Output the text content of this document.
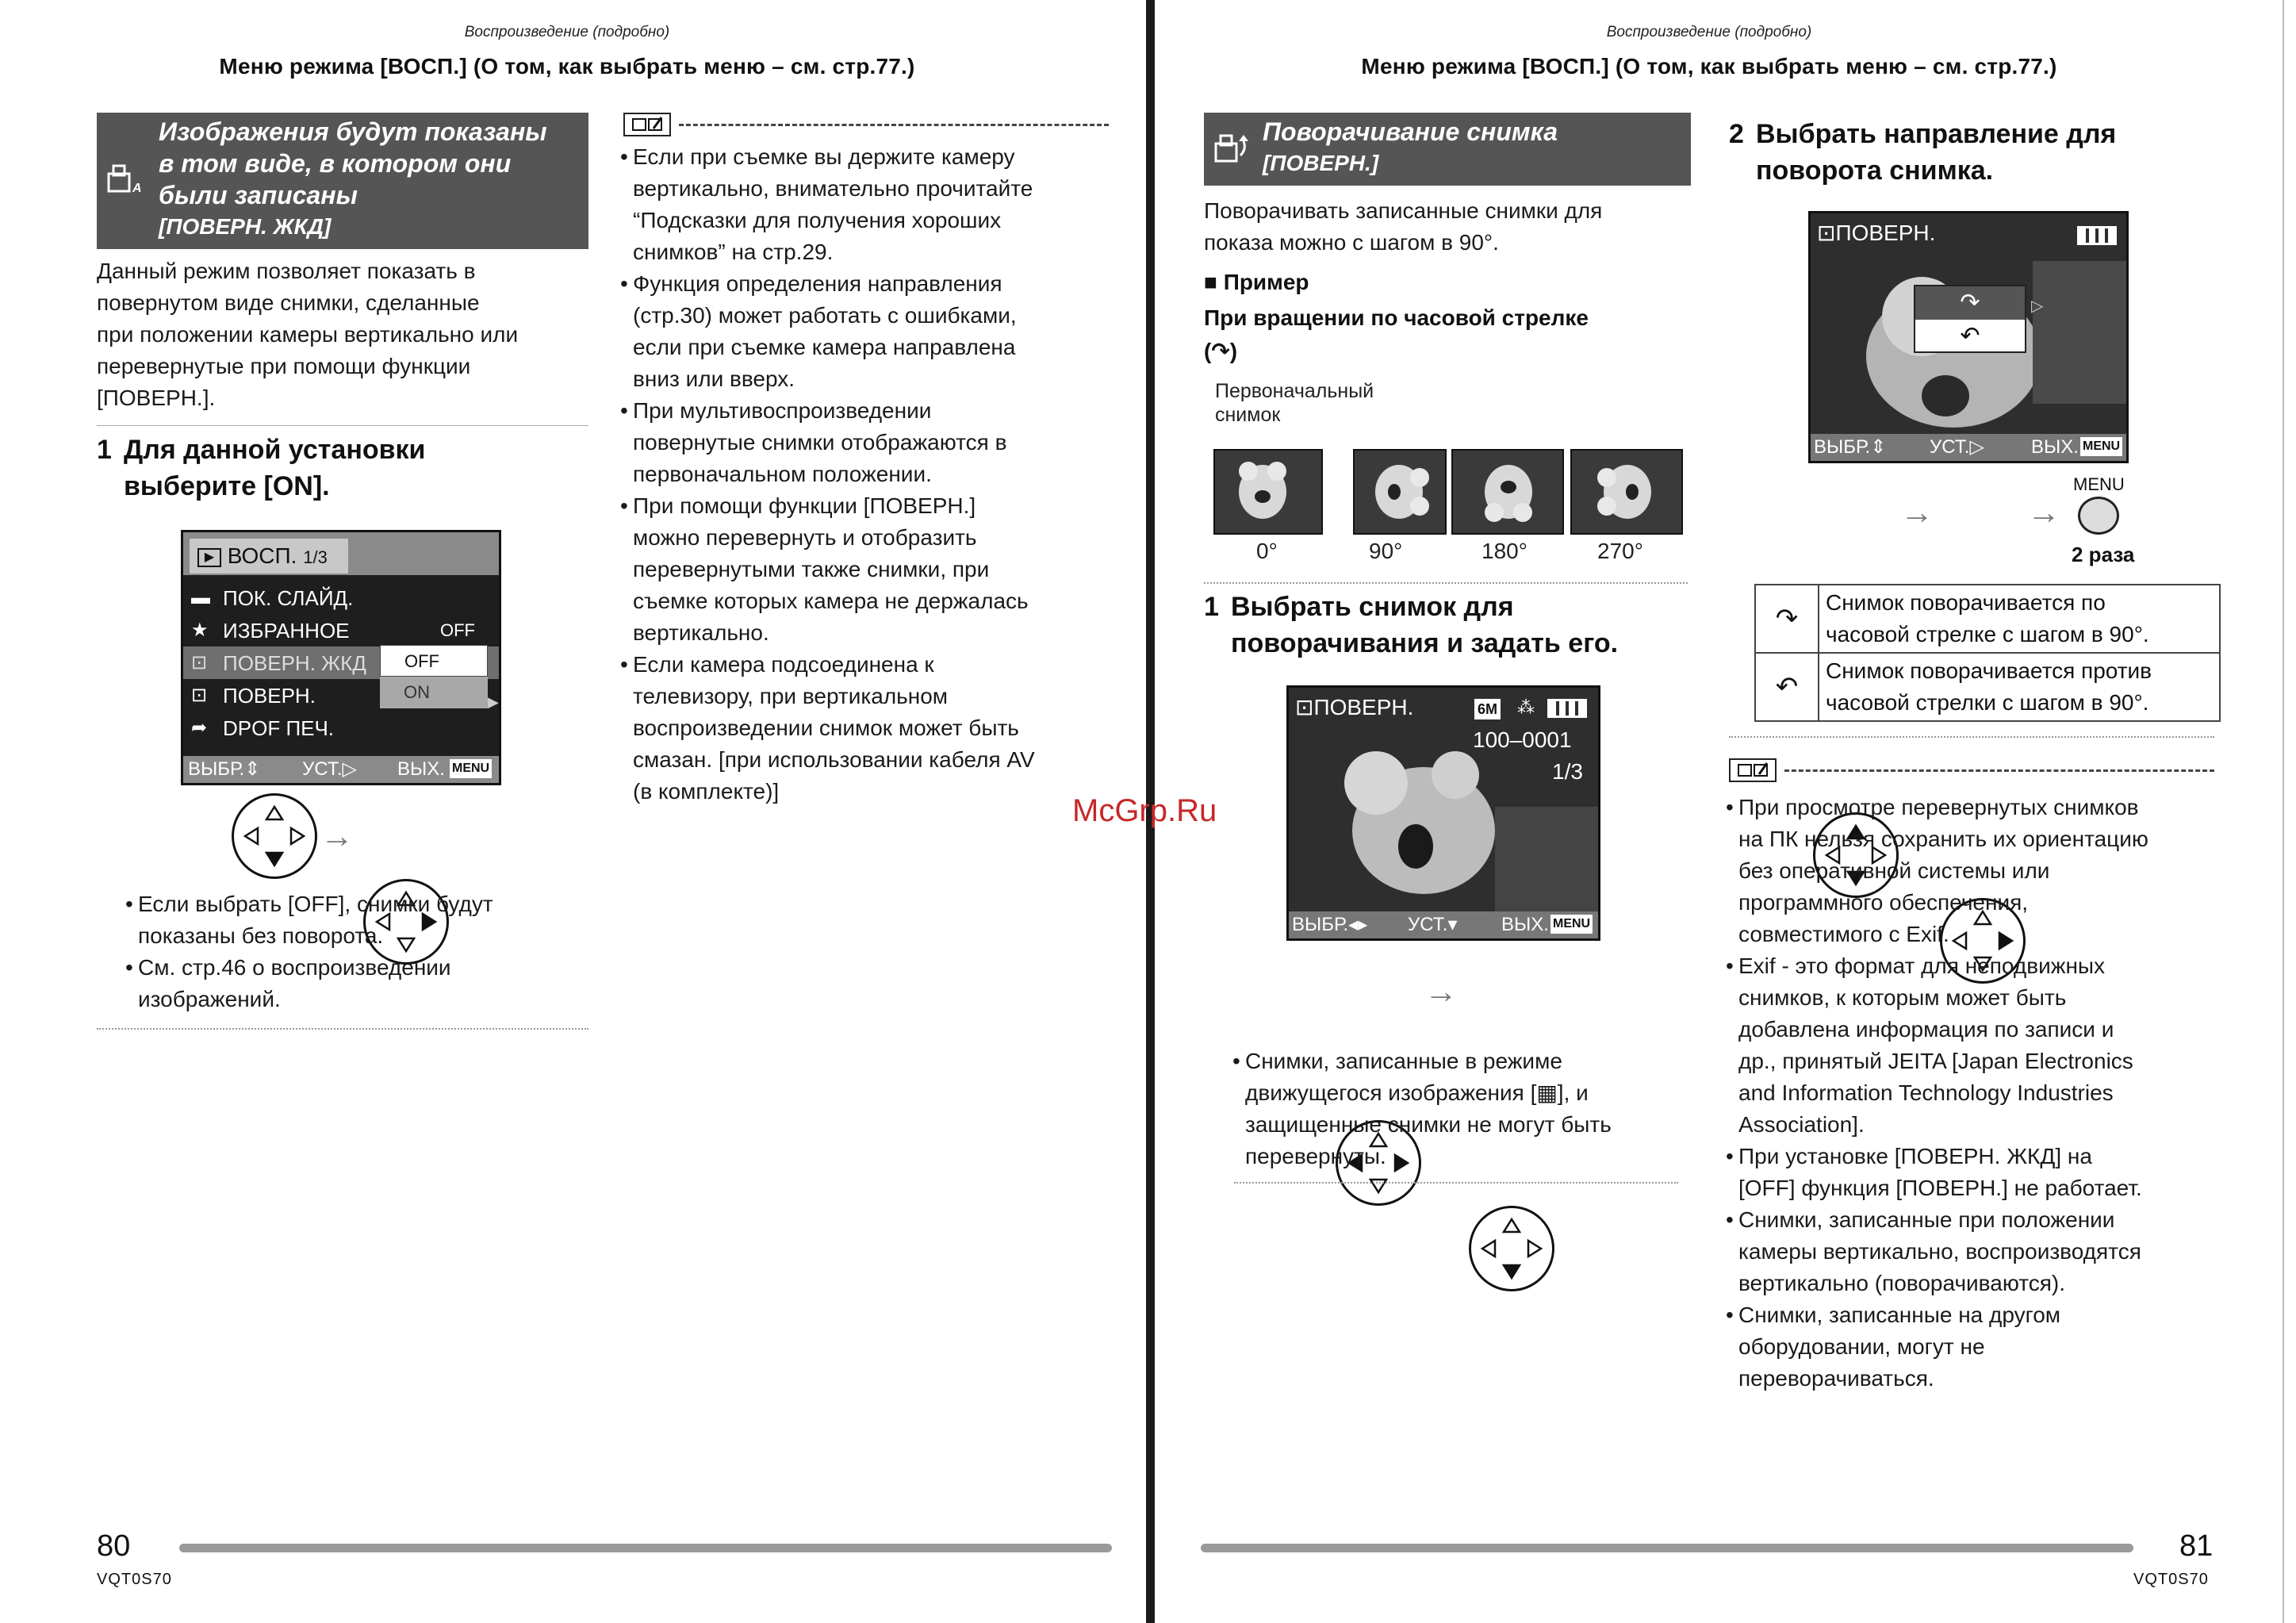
Воспроизведение (подробно)
Меню режима [ВОСП.] (О том, как выбрать меню – см. стр.77.)
A
Изображения будут показаны
в том виде, в котором они
были записаны
[ПОВЕРН. ЖКД]
Данный режим позволяет показать в
повернутом виде снимки, сделанные
при положении камеры вертикально или
перевернутые при помощи функции
[ПОВЕРН.].
1 Для данной установки
выберите [ON].
▶ ВОСП. 1/3
▬ ПОК. СЛАЙД.
★ ИЗБРАННОЕ	OFF
⊡ ПОВЕРН. ЖКД
⊡ ПОВЕРН.
➦ DPOF ПЕЧ.
OFF
ON	▶
ВЫБР.⇕ УСТ.▷ ВЫХ. MENU
→
• Если выбрать [OFF], снимки будут
показаны без поворота.
• См. стр.46 о воспроизведении
изображений.
• Если при съемке вы держите камеру
вертикально, внимательно прочитайте
“Подсказки для получения хороших
снимков” на стр.29.
• Функция определения направления
(стр.30) может работать с ошибками,
если при съемке камера направлена
вниз или вверх.
• При мультивоспроизведении
повернутые снимки отображаются в
первоначальном положении.
• При помощи функции [ПОВЕРН.]
можно перевернуть и отобразить
перевернутыми также снимки, при
съемке которых камера не держалась
вертикально.
• Если камера подсоединена к
телевизору, при вертикальном
воспроизведении снимок может быть
смазан. [при использовании кабеля AV
(в комплекте)]
80
VQT0S70
McGrp.Ru
Воспроизведение (подробно)
Меню режима [ВОСП.] (О том, как выбрать меню – см. стр.77.)
Поворачивание снимка
[ПОВЕРН.]
Поворачивать записанные снимки для
показа можно с шагом в 90°.
■ Пример
При вращении по часовой стрелке
(↷)
Первоначальный
снимок
0°	90°	180°	270°
1 Выбрать снимок для
поворачивания и задать его.
⊡ПОВЕРН.	6M ⁂
100–0001
1/3
ВЫБР.◂▸ УСТ.▾ ВЫХ. MENU
→
• Снимки, записанные в режиме
движущегося изображения [▦], и
защищенные снимки не могут быть
перевернуты.
2 Выбрать направление для
поворота снимка.
⊡ПОВЕРН.
↷
↶
▷
ВЫБР.⇕ УСТ.▷ ВЫХ. MENU
→	→
MENU
2 раза
↷	Снимок поворачивается по
часовой стрелке с шагом в 90°.
↶	Снимок поворачивается против
часовой стрелки с шагом в 90°.
• При просмотре перевернутых снимков
на ПК нельзя сохранить их ориентацию
без оперативной системы или
программного обеспечения,
совместимого с Exif.
• Exif - это формат для неподвижных
снимков, к которым может быть
добавлена информация по записи и
др., принятый JEITA [Japan Electronics
and Information Technology Industries
Association].
• При установке [ПОВЕРН. ЖКД] на
[OFF] функция [ПОВЕРН.] не работает.
• Снимки, записанные при положении
камеры вертикально, воспроизводятся
вертикально (поворачиваются).
• Снимки, записанные на другом
оборудовании, могут не
переворачиваться.
81
VQT0S70
